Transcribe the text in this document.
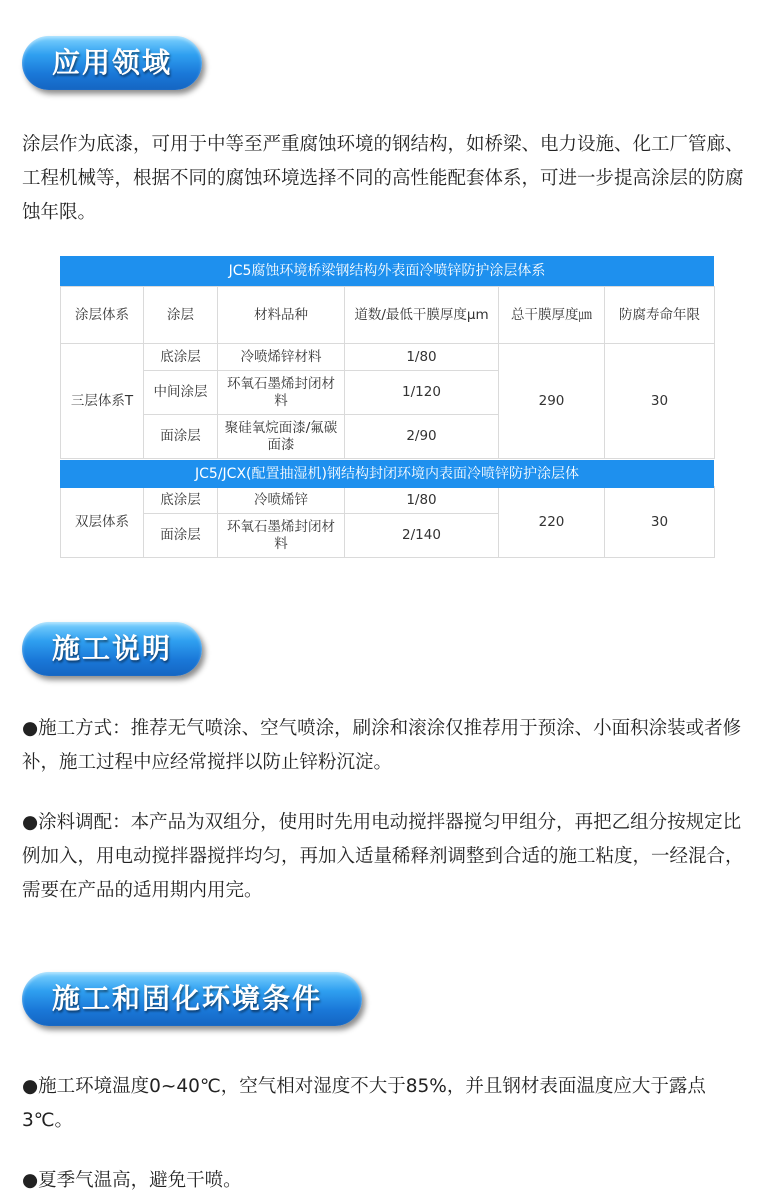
应用领域

涂层作为底漆，可用于中等至严重腐蚀环境的钢结构，如桥梁、电力设施、化工厂管廊、工程机械等，根据不同的腐蚀环境选择不同的高性能配套体系，可进一步提高涂层的防腐蚀年限。

JC5腐蚀环境桥梁钢结构外表面冷喷锌防护涂层体系
涂层体系	涂层	材料品种	道数/最低干膜厚度μm	总干膜厚度㎛	防腐寿命年限
三层体系T	底涂层	冷喷烯锌材料	1/80	290	30
	中间涂层	环氧石墨烯封闭材料	1/120		
	面涂层	聚硅氧烷面漆/氟碳面漆	2/90		
双层体系	底涂层	冷喷烯锌	1/80	220	30
	面涂层	环氧石墨烯封闭材料	2/140		
JC5/JCX(配置抽湿机)钢结构封闭环境内表面冷喷锌防护涂层体
施工说明

●施工方式：推荐无气喷涂、空气喷涂，刷涂和滚涂仅推荐用于预涂、小面积涂装或者修补，施工过程中应经常搅拌以防止锌粉沉淀。

●涂料调配：本产品为双组分，使用时先用电动搅拌器搅匀甲组分，再把乙组分按规定比例加入，用电动搅拌器搅拌均匀，再加入适量稀释剂调整到合适的施工粘度，一经混合，需要在产品的适用期内用完。

施工和固化环境条件

●施工环境温度0~40℃，空气相对湿度不大于85%，并且钢材表面温度应大于露点3℃。

●夏季气温高，避免干喷。
